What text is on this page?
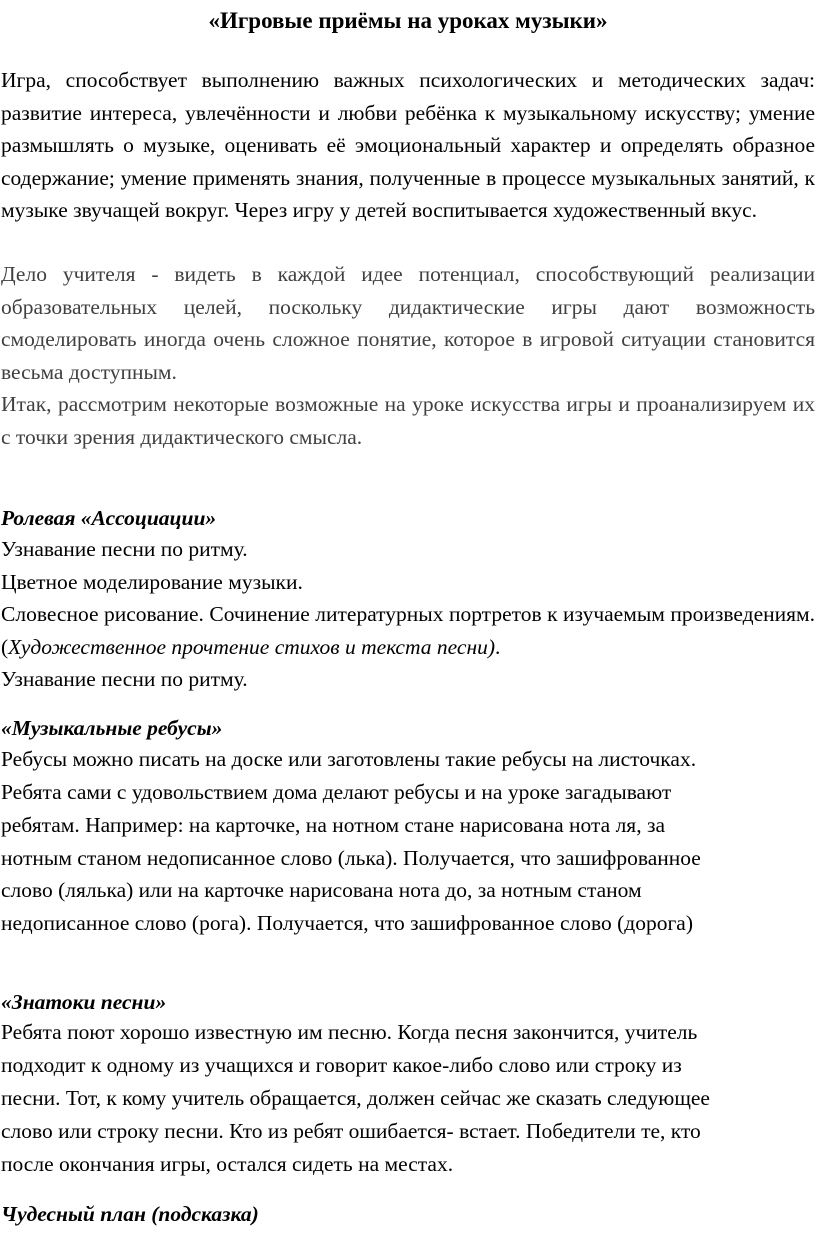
«Игровые приёмы на уроках музыки»

Игра, способствует выполнению важных психологических и методических задач: развитие интереса, увлечённости и любви ребёнка к музыкальному искусству; умение размышлять о музыке, оценивать её эмоциональный характер и определять образное содержание; умение применять знания, полученные в процессе музыкальных занятий, к музыке звучащей вокруг. Через игру у детей воспитывается художественный вкус.

Дело учителя - видеть в каждой идее потенциал, способствующий реализации образовательных целей, поскольку дидактические игры дают возможность смоделировать иногда очень сложное понятие, которое в игровой ситуации становится весьма доступным.

Итак, рассмотрим некоторые возможные на уроке искусства игры и проанализируем их с точки зрения дидактического смысла.

Ролевая «Ассоциации»

Узнавание песни по ритму.

Цветное моделирование музыки.

Словесное рисование. Сочинение литературных портретов к изучаемым произведениям. (Художественное прочтение стихов и текста песни).

Узнавание песни по ритму.

«Музыкальные ребусы»

Ребусы можно писать на доске или заготовлены такие ребусы на листочках.

Ребята сами с удовольствием дома делают ребусы и на уроке загадывают

ребятам. Например: на карточке, на нотном стане нарисована нота ля, за

нотным станом недописанное слово (лька). Получается, что зашифрованное

слово (лялька) или на карточке нарисована нота до, за нотным станом

недописанное слово (рога). Получается, что зашифрованное слово (дорога)

«Знатоки песни»

Ребята поют хорошо известную им песню. Когда песня закончится, учитель

подходит к одному из учащихся и говорит какое-либо слово или строку из

песни. Тот, к кому учитель обращается, должен сейчас же сказать следующее

слово или строку песни. Кто из ребят ошибается- встает. Победители те, кто

после окончания игры, остался сидеть на местах.

Чудесный план (подсказка)
